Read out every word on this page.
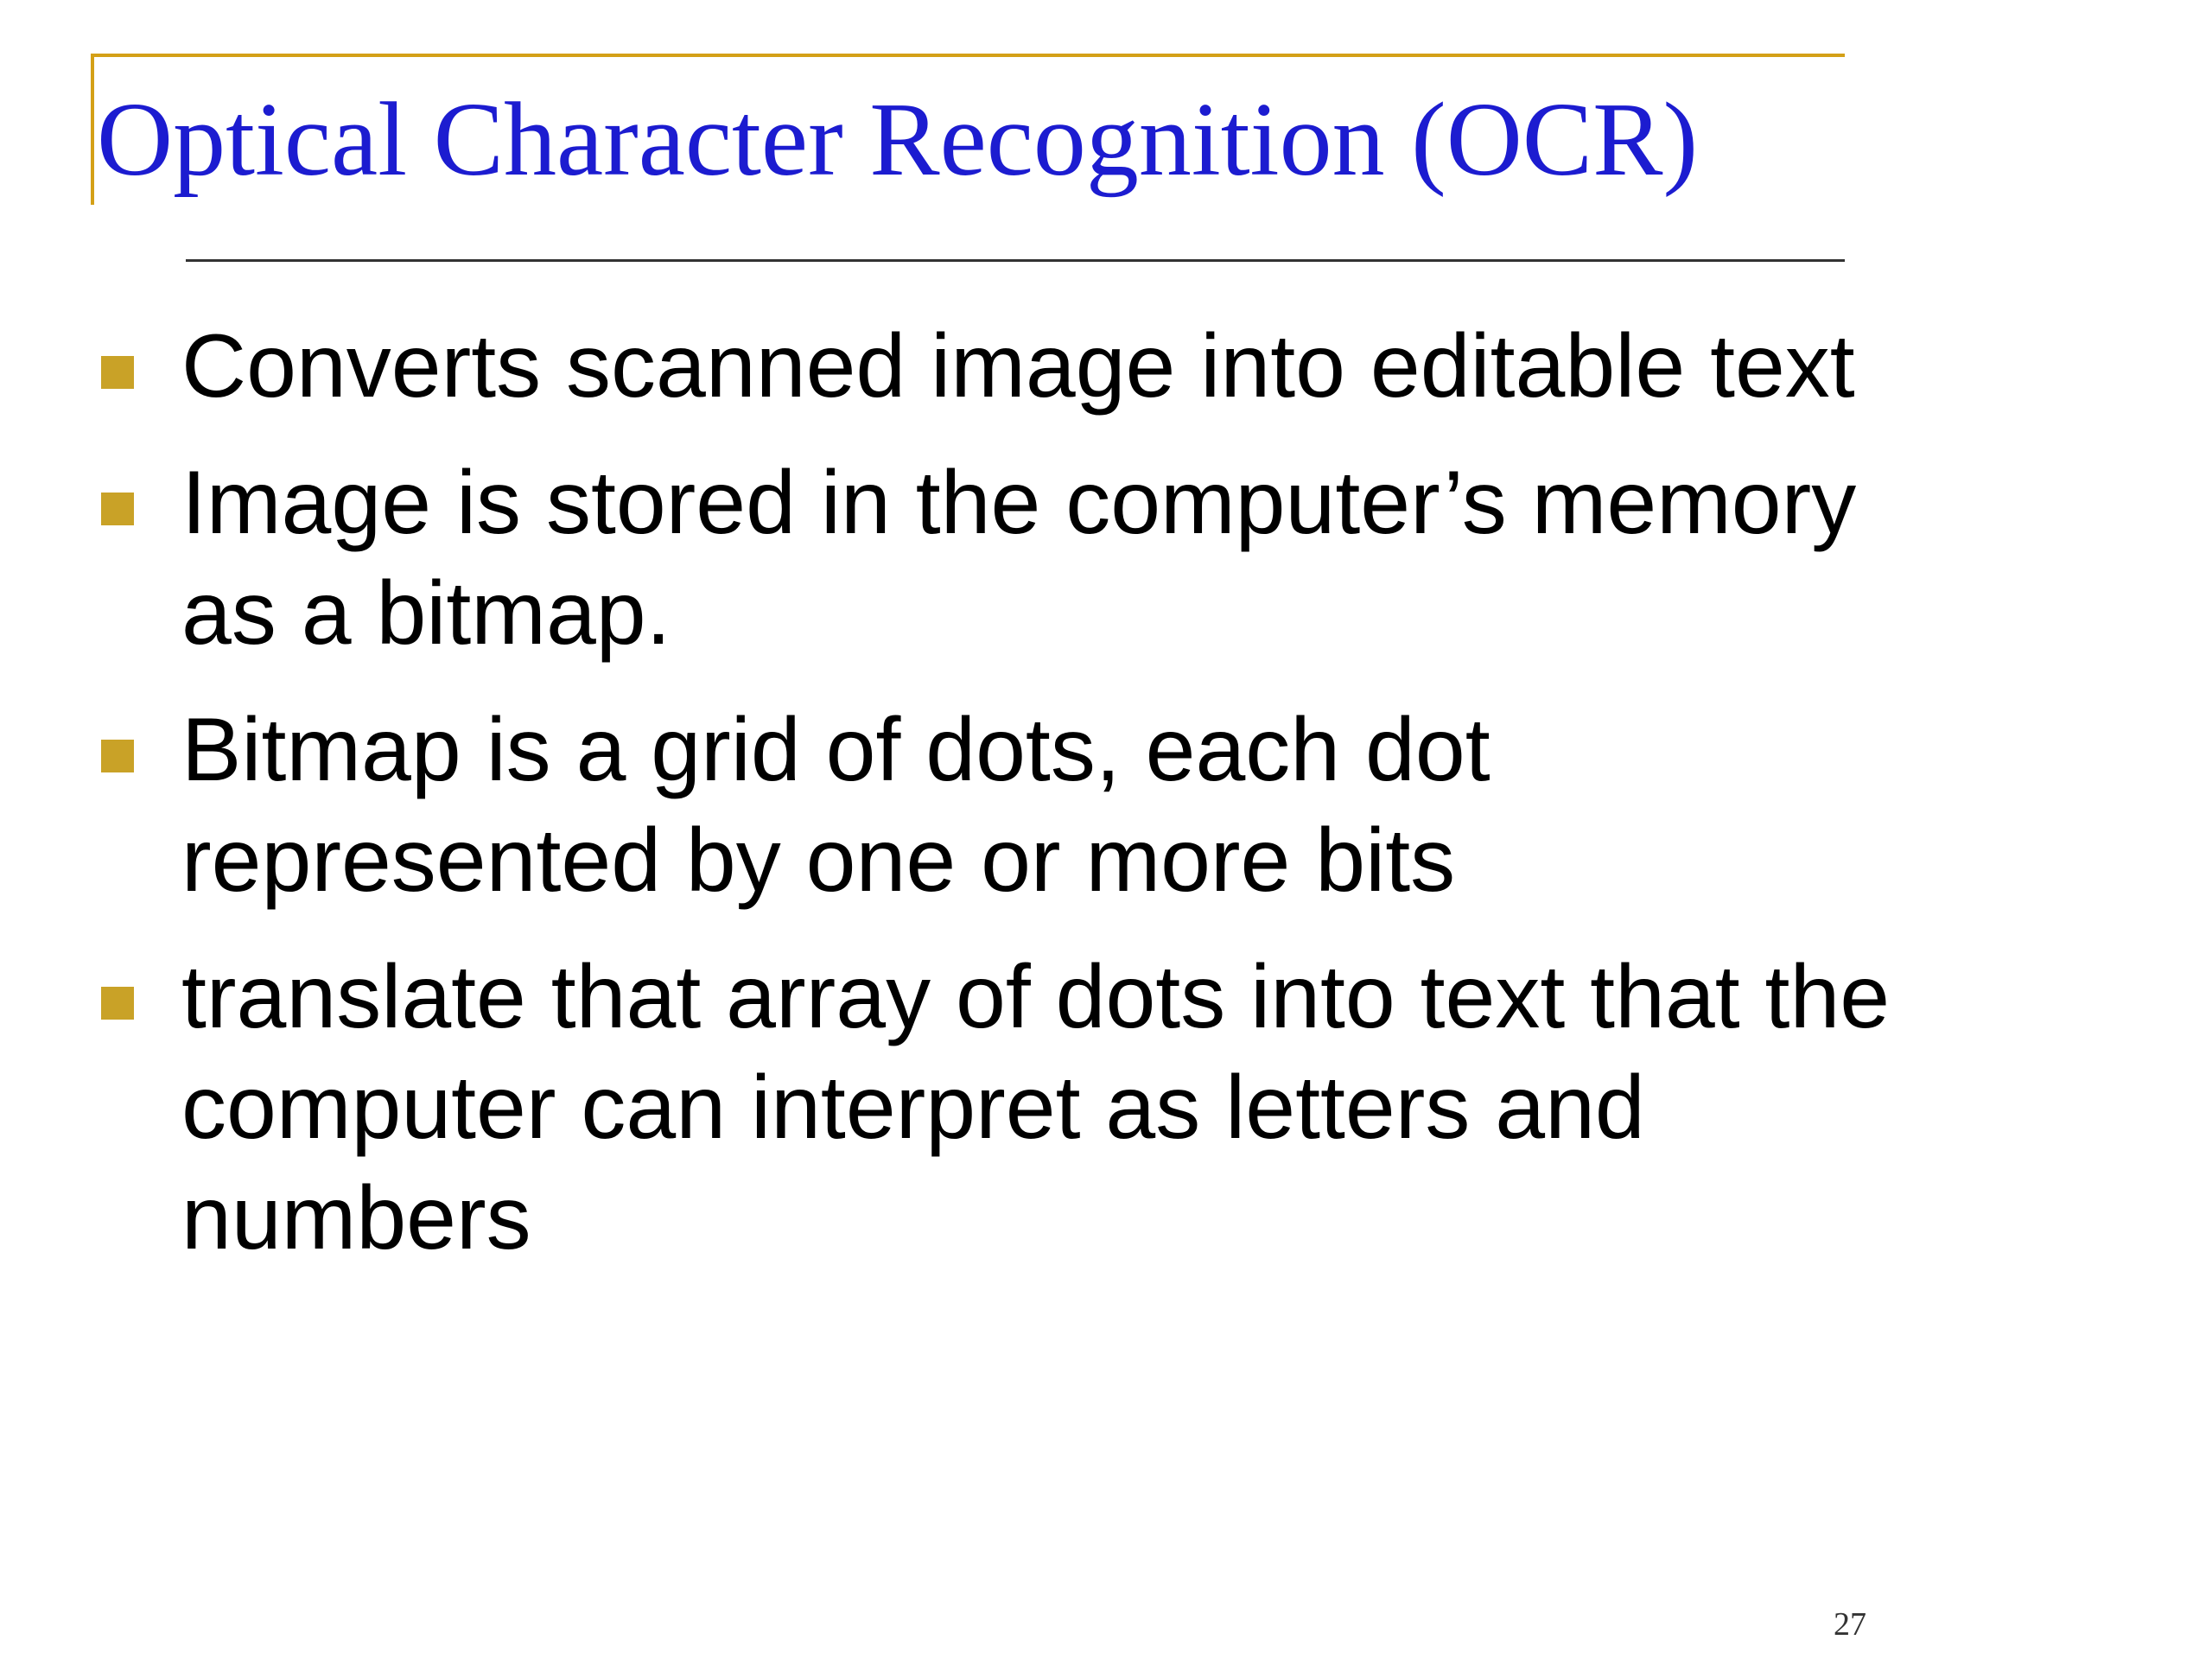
Optical Character Recognition (OCR)
Converts scanned image into editable text
Image is stored in the computer’s memory as a bitmap.
Bitmap is a grid of dots, each dot represented by one or more bits
translate that array of dots into text that the computer can interpret as letters and numbers
27
